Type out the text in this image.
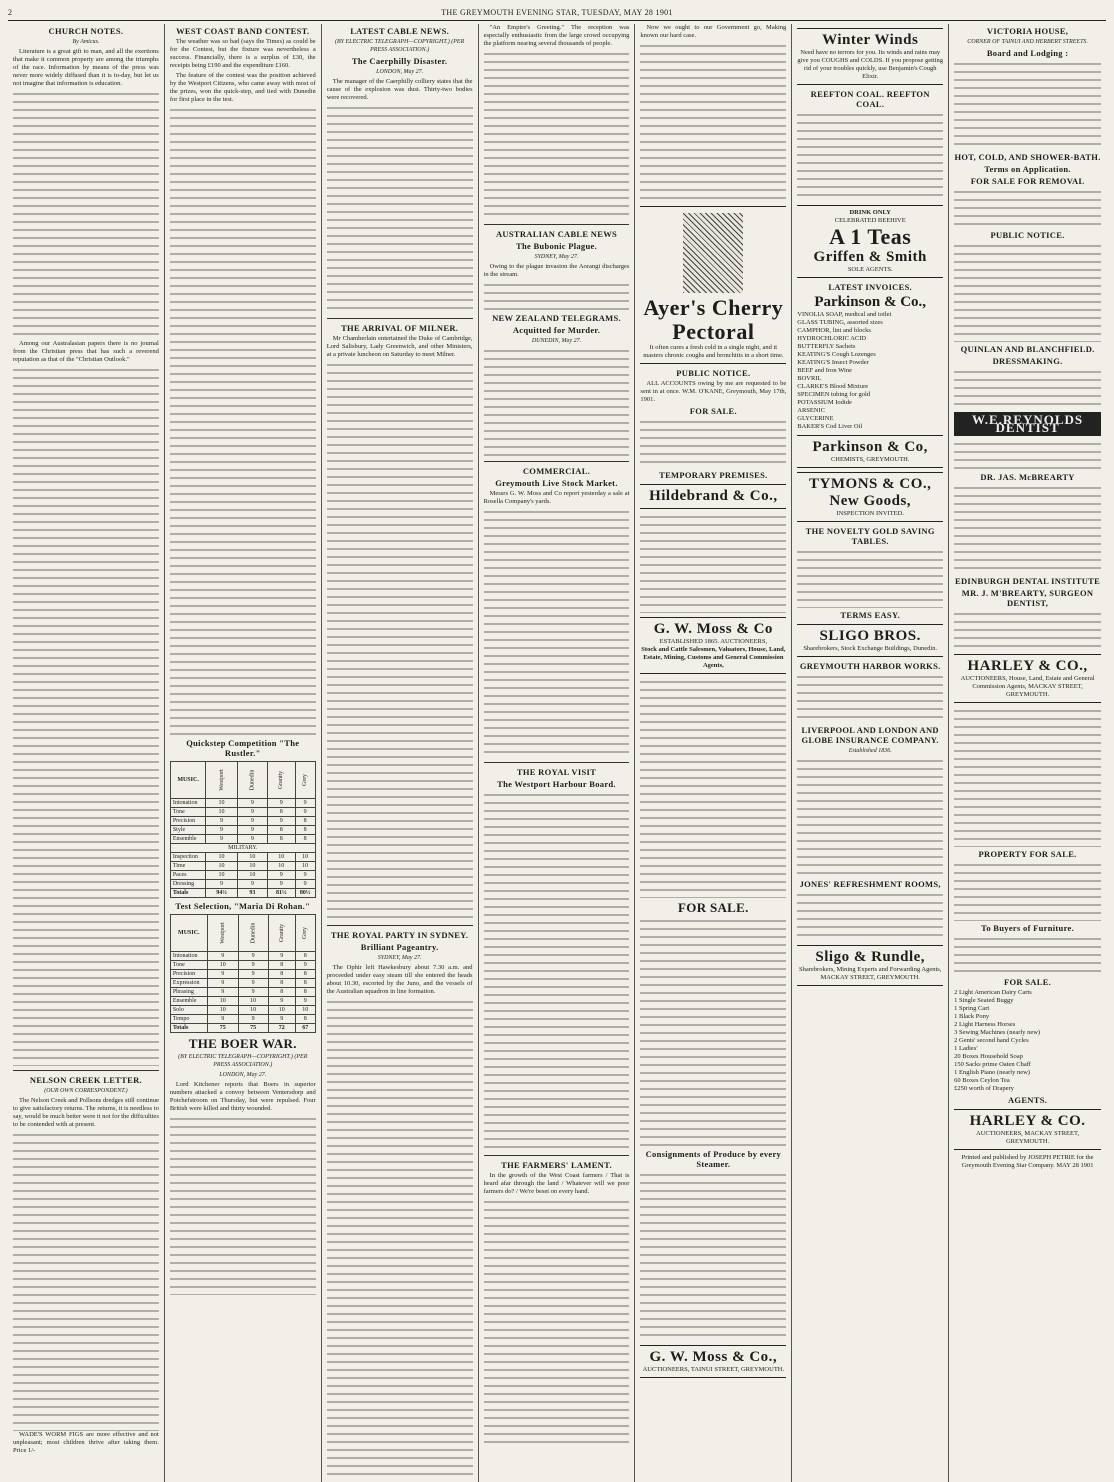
2	THE GREYMOUTH EVENING STAR, TUESDAY, MAY 28 1901
CHURCH NOTES.
By Amicus.

Literature is a great gift to man, and all the exertions that make it common property are among the triumphs of the race. Information by means of the press was never more widely diffused than it is to-day, but let us not imagine that information is education.

Among our Australasian papers there is no journal from the Christian press that has such a reverend reputation as that of the "Christian Outlook."

NELSON CREEK LETTER.
(OUR OWN CORRESPONDENT.)

The Nelson Creek and Pollsons dredges still continue to give satisfactory returns. The returns, it is needless to say, would be much better were it not for the difficulties to be contended with at present.

WADE'S WORM FIGS are more effective and not unpleasant; most children thrive after taking them. Price 1/-

WEST COAST BAND CONTEST.

The weather was so bad (says the Times) as could be for the Contest, but the fixture was nevertheless a success. Financially, there is a surplus of £30, the receipts being £190 and the expenditure £160.

The feature of the contest was the position achieved by the Westport Citizens, who came away with most of the prizes, won the quick-step, and tied with Dunedin for first place in the test.

Quickstep Competition "The Rustler."
MUSIC.	Westport	Dunedin	Granity	Grey
Intonation	10	9	9	9
Tone	10	9	8	9
Precision	9	9	9	8
Style	9	9	8	8
Ensemble	9	9	8	8
MILITARY.				
Inspection	10	10	10	10
Time	10	10	10	10
Paces	10	10	9	9
Dressing	9	9	9	9
Totals	94½	93	81½	80½
Test Selection, "Maria Di Rohan."
MUSIC.	Westport	Dunedin	Granity	Grey
Intonation	9	9	9	8
Tone	10	9	8	9
Precision	9	9	8	8
Expression	9	9	8	8
Phrasing	9	9	8	8
Ensemble	10	10	9	9
Solo	10	10	10	10
Tempo	9	9	9	8
Totals	75	75	72	67
THE BOER WAR.
(BY ELECTRIC TELEGRAPH—COPYRIGHT.) (PER PRESS ASSOCIATION.)
LONDON, May 27.

Lord Kitchener reports that Boers in superior numbers attacked a convoy between Ventersdorp and Potchefstroom on Thursday, but were repulsed. Four British were killed and thirty wounded.

LATEST CABLE NEWS.
(BY ELECTRIC TELEGRAPH—COPYRIGHT.) (PER PRESS ASSOCIATION.)
The Caerphilly Disaster.
LONDON, May 27.

The manager of the Caerphilly colliery states that the cause of the explosion was dust. Thirty-two bodies were recovered.

THE ARRIVAL OF MILNER.

Mr Chamberlain entertained the Duke of Cambridge, Lord Salisbury, Lady Greenwich, and other Ministers, at a private luncheon on Saturday to meet Milner.

THE ROYAL PARTY IN SYDNEY.
Brilliant Pageantry.
SYDNEY, May 27.

The Ophir left Hawkesbury about 7.30 a.m. and proceeded under easy steam till she entered the heads about 10.30, escorted by the Juno, and the vessels of the Australian squadron in line formation.

"An Empire's Greeting." The reception was especially enthusiastic from the large crowd occupying the platform nearing several thousands of people.

AUSTRALIAN CABLE NEWS
The Bubonic Plague.
SYDNEY, May 27.

Owing to the plague invasion the Aorangi discharges in the stream.

NEW ZEALAND TELEGRAMS.
Acquitted for Murder.
DUNEDIN, May 27.
COMMERCIAL.
Greymouth Live Stock Market.

Messrs G. W. Moss and Co report yesterday a sale at Rosella Company's yards.

THE ROYAL VISIT
The Westport Harbour Board.
THE FARMERS' LAMENT.

In the growth of the West Coast farmers / That is heard afar through the land / Whatever will we poor farmers do? / We're beset on every hand.

Now we ought to our Government go, Making known our hard case.

Ayer's Cherry Pectoral
It often cures a fresh cold in a single night, and it masters chronic coughs and bronchitis in a short time.
PUBLIC NOTICE.

ALL ACCOUNTS owing by me are requested to be sent in at once. W.M. O'KANE, Greymouth, May 17th, 1901.

FOR SALE.
TEMPORARY PREMISES.
Hildebrand & Co.,
G. W. Moss & Co
ESTABLISHED 1865. AUCTIONEERS,
Stock and Cattle Salesmen, Valuators, House, Land, Estate, Mining, Customs and General Commission Agents,
FOR SALE.
Consignments of Produce by every Steamer.
G. W. Moss & Co.,
AUCTIONEERS, TAINUI STREET, GREYMOUTH.
Winter Winds
Need have no terrors for you. Its winds and rains may give you COUGHS and COLDS. If you propose getting rid of your troubles quickly, use Benjamin's Cough Elixir.
REEFTON COAL. REEFTON COAL.
DRINK ONLY
CELEBRATED BEEHIVE
A 1 Teas
Griffen & Smith
SOLE AGENTS.
LATEST INVOICES.
Parkinson & Co.,
VINOLIA SOAP, medical and toilet
GLASS TUBING, assorted sizes
CAMPHOR, lint and blocks
HYDROCHLORIC ACID
BUTTERFLY Sachets
KEATING'S Cough Lozenges
KEATING'S Insect Powder
BEEF and Iron Wine
BOVRIL
CLARKE'S Blood Mixture
SPECIMEN tubing for gold
POTASSIUM Iodide
ARSENIC
GLYCERINE
BAKER'S Cod Liver Oil
Parkinson & Co,
CHEMISTS, GREYMOUTH.
TYMONS & CO.,
New Goods,
INSPECTION INVITED.
THE NOVELTY GOLD SAVING TABLES.
TERMS EASY.
SLIGO BROS.
Sharebrokers, Stock Exchange Buildings, Dunedin.
GREYMOUTH HARBOR WORKS.
LIVERPOOL AND LONDON AND GLOBE INSURANCE COMPANY.
Established 1836.
JONES' REFRESHMENT ROOMS,
Sligo & Rundle,
Sharebrokers, Mining Experts and Forwarding Agents, MACKAY STREET, GREYMOUTH.
VICTORIA HOUSE,
CORNER OF TAINUI AND HERBERT STREETS.
Board and Lodging :
HOT, COLD, AND SHOWER-BATH.
Terms on Application.
FOR SALE FOR REMOVAL
PUBLIC NOTICE.
QUINLAN AND BLANCHFIELD.
DRESSMAKING.
W.E.REYNOLDS DENTIST
DR. JAS. McBREARTY
EDINBURGH DENTAL INSTITUTE
MR. J. M'BREARTY, SURGEON DENTIST,
HARLEY & CO.,
AUCTIONEERS, House, Land, Estate and General Commission Agents, MACKAY STREET, GREYMOUTH.
PROPERTY FOR SALE.
To Buyers of Furniture.
FOR SALE.
2 Light American Dairy Carts
1 Single Seated Buggy
1 Spring Cart
1 Black Pony
2 Light Harness Horses
3 Sewing Machines (nearly new)
2 Gents' second hand Cycles
1 Ladies'
20 Boxes Household Soap
150 Sacks prime Oaten Chaff
1 English Piano (nearly new)
60 Boxes Ceylon Tea
£250 worth of Drapery
AGENTS.
HARLEY & CO.
AUCTIONEERS, MACKAY STREET, GREYMOUTH.

Printed and published by JOSEPH PETRIE for the Greymouth Evening Star Company. MAY 28 1901
